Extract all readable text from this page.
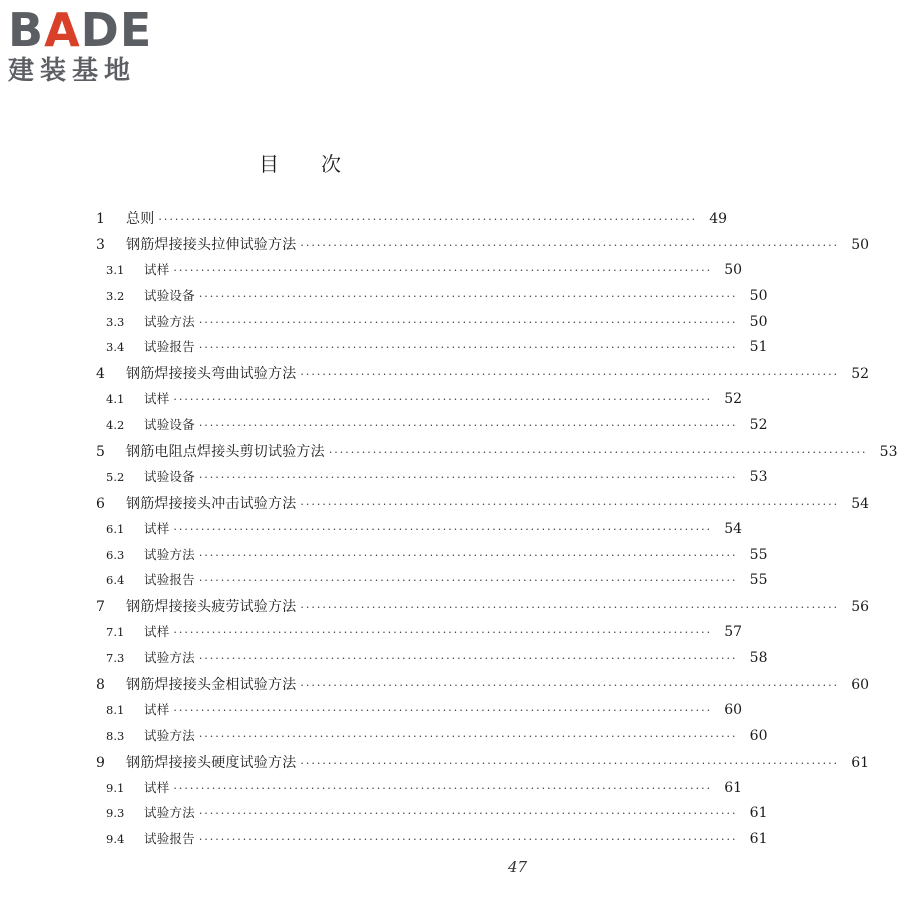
BADE
建装基地
目次
1	总则 ·································································································· 49
3	钢筋焊接接头拉伸试验方法 ·································································································· 50
3.1	试样 ·································································································· 50
3.2	试验设备 ·································································································· 50
3.3	试验方法 ·································································································· 50
3.4	试验报告 ·································································································· 51
4	钢筋焊接接头弯曲试验方法 ·································································································· 52
4.1	试样 ·································································································· 52
4.2	试验设备 ·································································································· 52
5	钢筋电阻点焊接头剪切试验方法 ·································································································· 53
5.2	试验设备 ·································································································· 53
6	钢筋焊接接头冲击试验方法 ·································································································· 54
6.1	试样 ·································································································· 54
6.3	试验方法 ·································································································· 55
6.4	试验报告 ·································································································· 55
7	钢筋焊接接头疲劳试验方法 ·································································································· 56
7.1	试样 ·································································································· 57
7.3	试验方法 ·································································································· 58
8	钢筋焊接接头金相试验方法 ·································································································· 60
8.1	试样 ·································································································· 60
8.3	试验方法 ·································································································· 60
9	钢筋焊接接头硬度试验方法 ·································································································· 61
9.1	试样 ·································································································· 61
9.3	试验方法 ·································································································· 61
9.4	试验报告 ·································································································· 61
47
